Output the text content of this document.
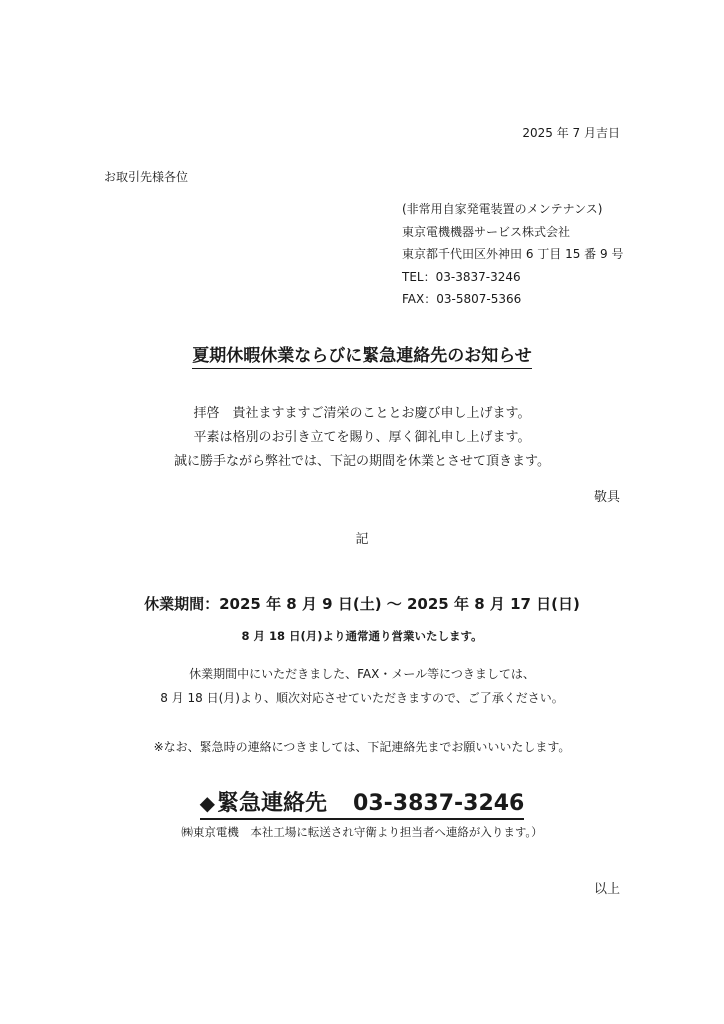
2025 年 7 月吉日
お取引先様各位
(非常用自家発電装置のメンテナンス)
東京電機機器サービス株式会社
東京都千代田区外神田 6 丁目 15 番 9 号
TEL：03-3837-3246
FAX：03-5807-5366
夏期休暇休業ならびに緊急連絡先のお知らせ
拝啓　貴社ますますご清栄のこととお慶び申し上げます。
平素は格別のお引き立てを賜り、厚く御礼申し上げます。
誠に勝手ながら弊社では、下記の期間を休業とさせて頂きます。
敬具
記
休業期間：2025 年 8 月 9 日(土) ～ 2025 年 8 月 17 日(日)
8 月 18 日(月)より通常通り営業いたします。
休業期間中にいただきました、FAX・メール等につきましては、
8 月 18 日(月)より、順次対応させていただきますので、ご了承ください。
※なお、緊急時の連絡につきましては、下記連絡先までお願いいいたします。
◆緊急連絡先 03-3837-3246
㈱東京電機　本社工場に転送され守衛より担当者へ連絡が入ります。）
以上
